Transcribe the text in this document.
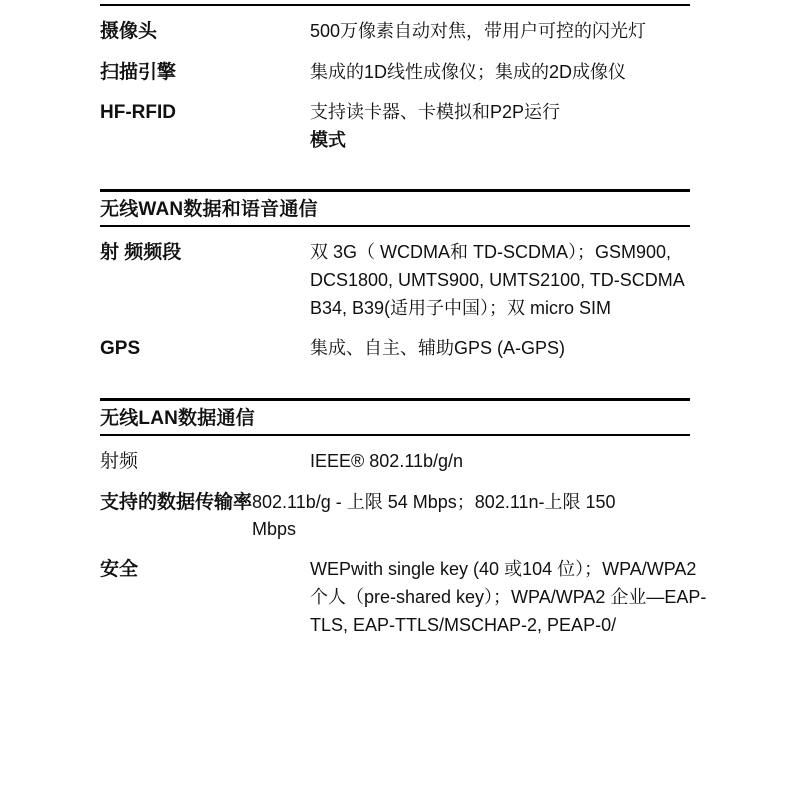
摄像头	500万像素自动对焦，带用户可控的闪光灯
扫描引擎	集成的1D线性成像仪；集成的2D成像仪
HF-RFID	支持读卡器、卡模拟和P2P运行
模式
无线WAN数据和语音通信
射 频频段	双 3G（ WCDMA和 TD-SCDMA）；GSM900, DCS1800, UMTS900, UMTS2100, TD-SCDMA B34, B39(适用子中国）；双 micro SIM
GPS	集成、自主、辅助GPS (A-GPS)
无线LAN数据通信
射频	IEEE® 802.11b/g/n
支持的数据传输率 802.11b/g - 上限 54 Mbps；802.11n-上限 150 Mbps
安全	WEPwith single key (40 或104 位）；WPA/WPA2 个人（pre-shared key）；WPA/WPA2 企业—EAP-TLS, EAP-TTLS/MSCHAP-2, PEAP-0/
